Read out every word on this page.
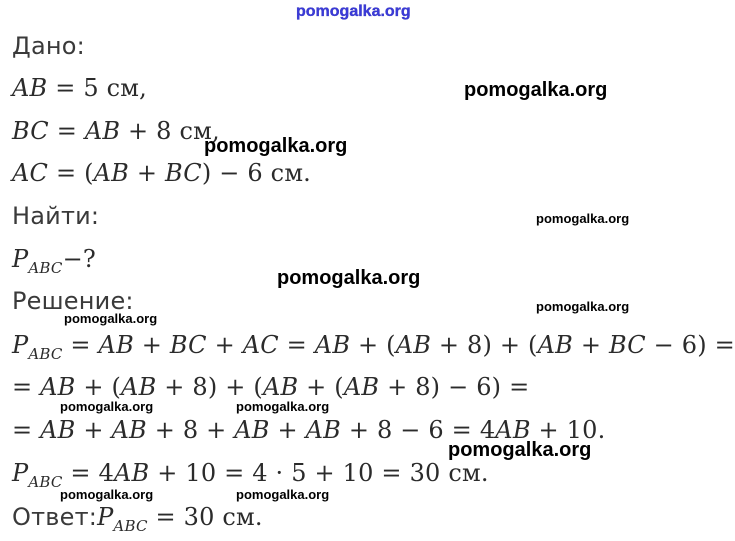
pomogalka.org
Дано:
AB = 5 см,
BC = AB + 8 см,
AC = (AB + BC) − 6 см.
Найти:
$P_{ABC}-$?
Решение:
$P_{ABC}$ = AB + BC + AC = AB + (AB + 8) + (AB + BC − 6) =
= AB + (AB + 8) + (AB + (AB + 8) − 6) =
= AB + AB + 8 + AB + AB + 8 − 6 = 4AB + 10.
$P_{ABC} = 4AB + 10 = 4 \cdot 5 + 10 = 30$ см.
$Ответ:P_{ABC} = 30$ см.
pomogalka.org
pomogalka.org
pomogalka.org
pomogalka.org
pomogalka.org
pomogalka.org
pomogalka.org	pomogalka.org
pomogalka.org
pomogalka.org	pomogalka.org
